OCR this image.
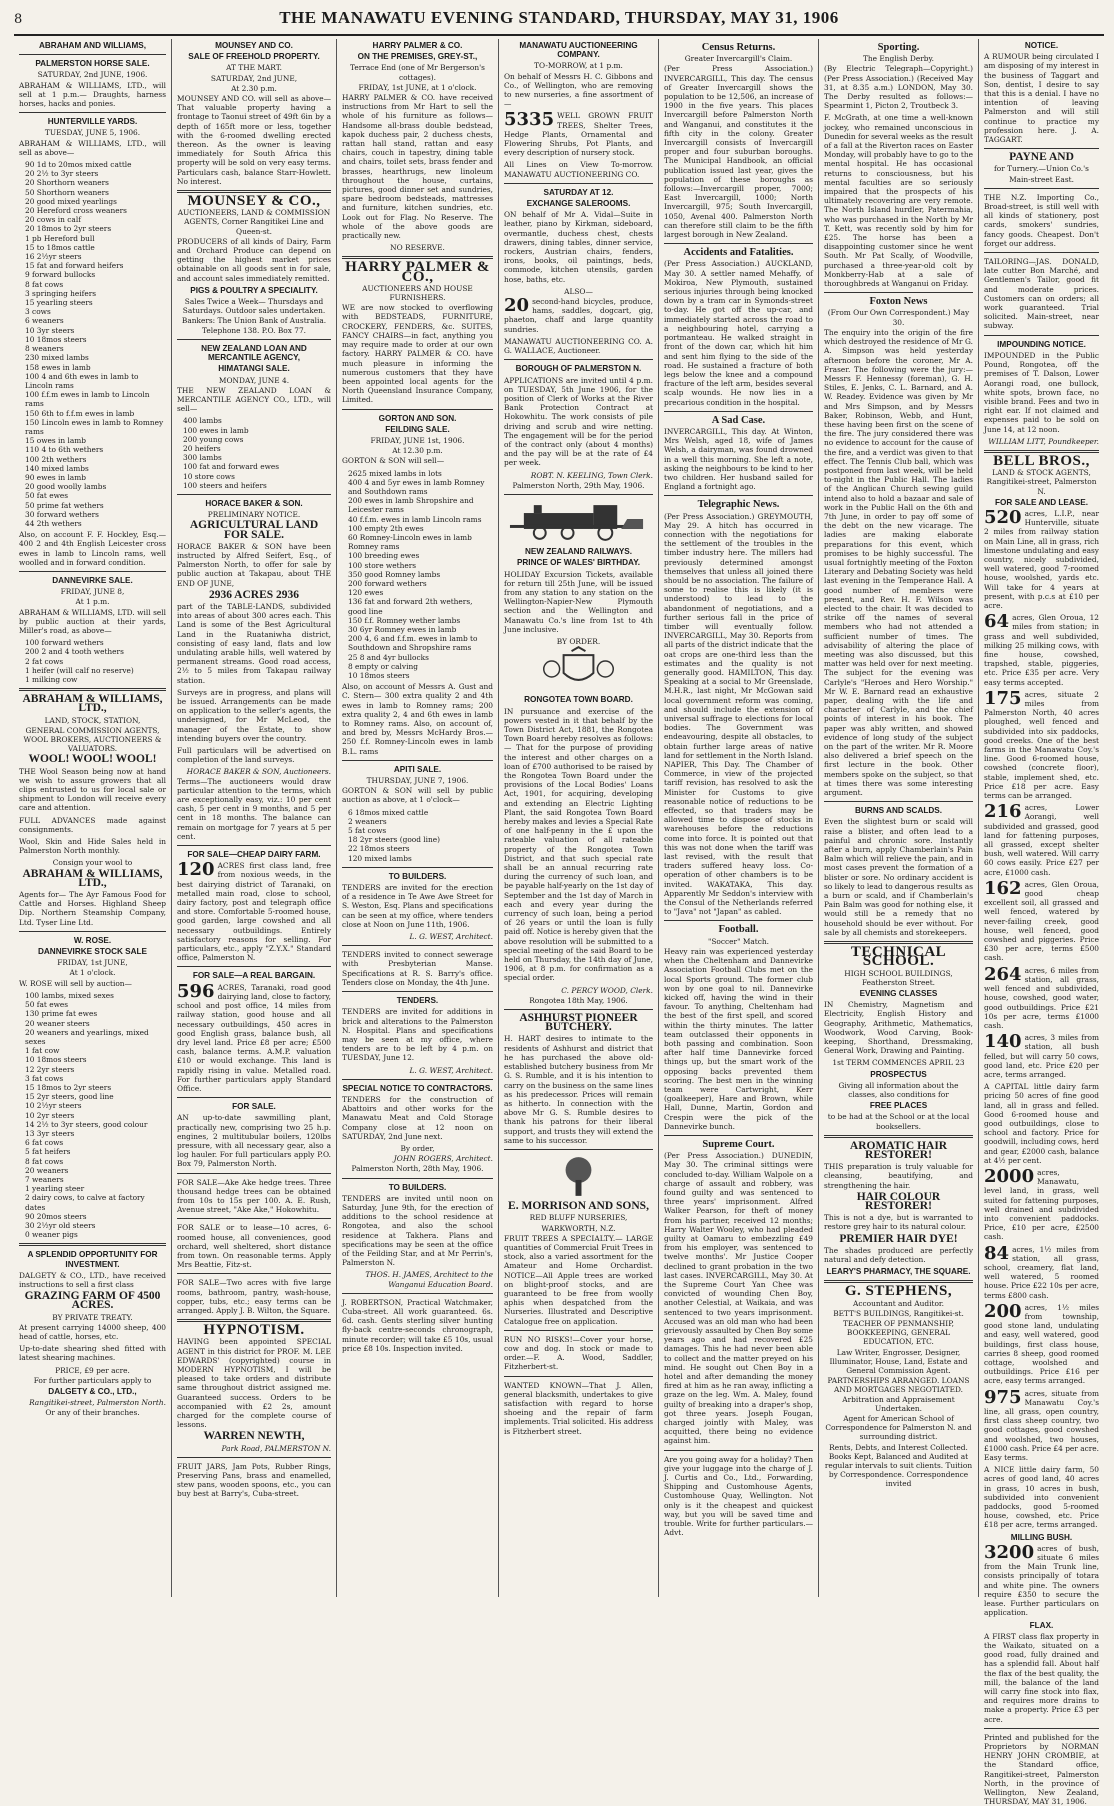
8	THE MANAWATU EVENING STANDARD, THURSDAY, MAY 31, 1906
ABRAHAM AND WILLIAMS,
PALMERSTON HORSE SALE.
SATURDAY, 2nd JUNE, 1906.

ABRAHAM & WILLIAMS, LTD., will sell at 1 p.m.— Draughts, harness horses, hacks and ponies.

HUNTERVILLE YARDS.
TUESDAY, JUNE 5, 1906.

ABRAHAM & WILLIAMS, LTD., will sell as above—

90 1d to 20mos mixed cattle
20 2½ to 3yr steers
20 Shorthorn weaners
50 Shorthorn weaners
20 good mixed yearlings
20 Hereford cross weaners
20 cows in calf
20 18mos to 2yr steers
1 pb Hereford bull
15 to 18mos cattle
16 2½yr steers
15 fat and forward heifers
9 forward bullocks
8 fat cows
3 springing heifers
15 yearling steers
3 cows
6 weaners
10 3yr steers
10 18mos steers
8 weaners
230 mixed lambs
158 ewes in lamb
100 4 and 6th ewes in lamb to Lincoln rams
100 f.f.m ewes in lamb to Lincoln rams
150 6th to f.f.m ewes in lamb
150 Lincoln ewes in lamb to Romney rams
15 owes in lamb
110 4 to 6th wethers
100 2th wethers
140 mixed lambs
90 ewes in lamb
20 good woolly lambs
50 fat ewes
50 prime fat wethers
30 forward wethers
44 2th wethers

Also, on account F. F. Hockley, Esq.— 400 2 and 4th English Leicester cross ewes in lamb to Lincoln rams, well woolled and in forward condition.

DANNEVIRKE SALE.
FRIDAY, JUNE 8,
At 1 p.m.

ABRAHAM & WILLIAMS, LTD. will sell by public auction at their yards, Miller's road, as above—

100 forward wethers
200 2 and 4 tooth wethers
2 fat cows
1 heifer (will calf no reserve)
1 milking cow
ABRAHAM & WILLIAMS, LTD.,
LAND, STOCK, STATION,
GENERAL COMMISSION AGENTS, WOOL BROKERS, AUCTIONEERS & VALUATORS.
WOOL! WOOL! WOOL!

THE Wool Season being now at hand we wish to assure growers that all clips entrusted to us for local sale or shipment to London will receive every care and attention.

FULL ADVANCES made against consignments.

Wool, Skin and Hide Sales held in Palmerston North monthly.

Consign your wool to
ABRAHAM & WILLIAMS, LTD.,

Agents for— The Ayr Famous Food for Cattle and Horses. Highland Sheep Dip. Northern Steamship Company, Ltd. Tyser Line Ltd.

W. ROSE.
DANNEVIRKE STOCK SALE
FRIDAY, 1st JUNE,
At 1 o'clock.

W. ROSE will sell by auction—

100 lambs, mixed sexes
50 fat ewes
130 prime fat ewes
20 weaner steers
20 weaners and yearlings, mixed sexes
1 fat cow
10 18mos steers
12 2yr steers
3 fat cows
15 18mos to 2yr steers
15 2yr steers, good line
10 2½yr steers
10 2yr steers
14 2½ to 3yr steers, good colour
13 3yr steers
6 fat cows
5 fat heifers
8 fat cows
20 weaners
7 weaners
1 yearling steer
2 dairy cows, to calve at factory dates
90 20mos steers
30 2½yr old steers
0 weaner pigs
A SPLENDID OPPORTUNITY FOR INVESTMENT.

DALGETY & CO., LTD., have received instructions to sell a first class

GRAZING FARM OF 4500 ACRES.
BY PRIVATE TREATY.

At present carrying 14000 sheep, 400 head of cattle, horses, etc.

Up-to-date shearing shed fitted with latest shearing machines.

PRICE, £9 per acre.
For further particulars apply to
DALGETY & CO., LTD.,
Rangitikei-street, Palmerston North.
Or any of their branches.
MOUNSEY AND CO.
SALE OF FREEHOLD PROPERTY.
AT THE MART.
SATURDAY, 2nd JUNE,
At 2.30 p.m.

MOUNSEY AND CO. will sell as above— That valuable property having a frontage to Taonui street of 49ft 6in by a depth of 165ft more or less, together with the 6-roomed dwelling erected thereon. As the owner is leaving immediately for South Africa this property will be sold on very easy terms. Particulars cash, balance Starr-Howlett. No interest.

MOUNSEY & CO.,
AUCTIONEERS, LAND & COMMISSION AGENTS, Corner Rangitikei Line and Queen-st.

PRODUCERS of all kinds of Dairy, Farm and Orchard Produce can depend on getting the highest market prices obtainable on all goods sent in for sale, and account sales immediately remitted.

PIGS & POULTRY A SPECIALITY.
Sales Twice a Week— Thursdays and Saturdays. Outdoor sales undertaken.
Bankers: The Union Bank of Australia. Telephone 138. P.O. Box 77.
NEW ZEALAND LOAN AND MERCANTILE AGENCY,
HIMATANGI SALE.
MONDAY, JUNE 4.

THE NEW ZEALAND LOAN & MERCANTILE AGENCY CO., LTD., will sell—

400 lambs
100 ewes in lamb
200 young cows
20 heifers
300 lambs
100 fat and forward ewes
10 store cows
100 steers and heifers
HORACE BAKER & SON.
PRELIMINARY NOTICE.
AGRICULTURAL LAND FOR SALE.

HORACE BAKER & SON have been instructed by Alfred Seifert, Esq., of Palmerston North, to offer for sale by public auction at Takapau, about THE END OF JUNE,

2936 ACRES 2936

part of the TABLE-LANDS, subdivided into areas of about 300 acres each. This Land is some of the Best Agricultural Land in the Ruataniwha district, consisting of easy land, flats and low undulating arable hills, well watered by permanent streams. Good road access, 2½ to 5 miles from Takapau railway station.

Surveys are in progress, and plans will be issued. Arrangements can be made on application to the seller's agents, the undersigned, for Mr McLeod, the manager of the Estate, to show intending buyers over the country.

Full particulars will be advertised on completion of the land surveys.

HORACE BAKER & SON, Auctioneers.

Terms—The auctioneers would draw particular attention to the terms, which are exceptionally easy, viz.: 10 per cent cash, 5 per cent in 9 months, and 5 per cent in 18 months. The balance can remain on mortgage for 7 years at 5 per cent.

FOR SALE—CHEAP DAIRY FARM.

120 ACRES first class land, free from noxious weeds, in the best dairying district of Taranaki, on metalled main road, close to school, dairy factory, post and telegraph office and store. Comfortable 5-roomed house, good garden, large cowshed and all necessary outbuildings. Entirely satisfactory reasons for selling. For particulars, etc., apply "Z.Y.X." Standard office, Palmerston N.

FOR SALE—A REAL BARGAIN.

596 ACRES, Taranaki, road good dairying land, close to factory, school and post office, 14 miles from railway station, good house and all necessary outbuildings, 450 acres in good English grass, balance bush, all dry level land. Price £8 per acre; £500 cash, balance terms. A.M.P. valuation £10 or would exchange. This land is rapidly rising in value. Metalled road. For further particulars apply Standard Office.

FOR SALE.

AN up-to-date sawmilling plant, practically new, comprising two 25 h.p. engines, 2 multitubular boilers, 120lbs pressure, with all necessary gear, also a log hauler. For full particulars apply P.O. Box 79, Palmerston North.

FOR SALE—Ake Ake hedge trees. Three thousand hedge trees can be obtained from 10s to 15s per 100. A. E. Rush, Avenue street, "Ake Ake," Hokowhitu.

FOR SALE or to lease—10 acres, 6-roomed house, all conveniences, good orchard, well sheltered, short distance from town. On reasonable terms. Apply Mrs Beattie, Fitz-st.

FOR SALE—Two acres with five large rooms, bathroom, pantry, wash-house, copper, tubs, etc.; easy terms can be arranged. Apply J. B. Wilton, the Square.

HYPNOTISM.

HAVING been appointed SPECIAL AGENT in this district for PROF. M. LEE EDWARDS' (copyrighted) course in MODERN HYPNOTISM, I will be pleased to take orders and distribute same throughout district assigned me. Guaranteed success. Orders to be accompanied with £2 2s, amount charged for the complete course of lessons.

WARREN NEWTH,
Park Road, PALMERSTON N.

FRUIT JARS, Jam Pots, Rubber Rings, Preserving Pans, brass and enamelled, stew pans, wooden spoons, etc., you can buy best at Barry's, Cuba-street.

HARRY PALMER & CO.
ON THE PREMISES, GREY-ST.,
Terrace End (one of Mr Bergerson's cottages).
FRIDAY, 1st JUNE, at 1 o'clock.

HARRY PALMER & CO. have received instructions from Mr Hart to sell the whole of his furniture as follows— Handsome all-brass double bedstead, kapok duchess pair, 2 duchess chests, rattan hall stand, rattan and easy chairs, couch in tapestry, dining table and chairs, toilet sets, brass fender and brasses, hearthrugs, new linoleum throughout the house, curtains, pictures, good dinner set and sundries, spare bedroom bedsteads, mattresses and furniture, kitchen sundries, etc. Look out for Flag. No Reserve. The whole of the above goods are practically new.

NO RESERVE.
HARRY PALMER & CO.,
AUCTIONEERS AND HOUSE FURNISHERS.

WE are now stocked to overflowing with BEDSTEADS, FURNITURE, CROCKERY, FENDERS, &c. SUITES, FANCY CHAIRS—in fact, anything you may require made to order at our own factory. HARRY PALMER & CO. have much pleasure in informing the numerous customers that they have been appointed local agents for the North Queensland Insurance Company, Limited.

GORTON AND SON.
FEILDING SALE.
FRIDAY, JUNE 1st, 1906.
At 12.30 p.m.

GORTON & SON will sell—

2625 mixed lambs in lots
400 4 and 5yr ewes in lamb Romney and Southdown rams
200 ewes in lamb Shropshire and Leicester rams
40 f.f.m. ewes in lamb Lincoln rams
100 empty 2th ewes
60 Romney-Lincoln ewes in lamb Romney rams
100 breeding ewes
100 store wethers
350 good Romney lambs
200 forward wethers
120 ewes
136 fat and forward 2th wethers, good line
150 f.f. Romney wether lambs
30 6yr Romney ewes in lamb
200 4, 6 and f.f.m. ewes in lamb to Southdown and Shropshire rams
25 8 and 4yr bullocks
8 empty or calving
10 18mos steers

Also, on account of Messrs A. Gust and C. Stern— 300 extra quality 2 and 4th ewes in lamb to Romney rams; 200 extra quality 2, 4 and 6th ewes in lamb to Romney rams. Also, on account of, and bred by, Messrs McHardy Bros.— 250 f.f. Romney-Lincoln ewes in lamb B.L. rams

APITI SALE.
THURSDAY, JUNE 7, 1906.

GORTON & SON will sell by public auction as above, at 1 o'clock—

6 18mos mixed cattle
2 weaners
5 fat cows
18 2yr steers (good line)
22 18mos steers
120 mixed lambs
TO BUILDERS.

TENDERS are invited for the erection of a residence in Te Awe Awe Street for S. Weston, Esq. Plans and specifications can be seen at my office, where tenders close at Noon on June 11th, 1906.

L. G. WEST, Architect.

TENDERS invited to connect sewerage with Presbyterian Manse. Specifications at R. S. Barry's office. Tenders close on Monday, the 4th June.

TENDERS.

TENDERS are invited for additions in brick and alterations to the Palmerston N. Hospital. Plans and specifications may be seen at my office, where tenders are to be left by 4 p.m. on TUESDAY, June 12.

L. G. WEST, Architect.
SPECIAL NOTICE TO CONTRACTORS.

TENDERS for the construction of Abattoirs and other works for the Manawatu Meat and Cold Storage Company close at 12 noon on SATURDAY, 2nd June next.

By order,
JOHN ROGERS, Architect.
Palmerston North, 28th May, 1906.
TO BUILDERS.

TENDERS are invited until noon on Saturday, June 9th, for the erection of additions to the school residence at Rongotea, and also the school residence at Takhera. Plans and specifications may be seen at the office of the Feilding Star, and at Mr Perrin's, Palmerston N.

THOS. H. JAMES, Architect to the Wanganui Education Board.

J. ROBERTSON, Practical Watchmaker, Cuba-street. All work guaranteed. 6s. 6d. cash. Gents sterling silver hunting fly-back centre-seconds chronograph, minute recorder; will take £5 10s, usual price £8 10s. Inspection invited.

MANAWATU AUCTIONEERING COMPANY.
TO-MORROW, at 1 p.m.

On behalf of Messrs H. C. Gibbons and Co., of Wellington, who are removing to new nurseries, a fine assortment of—

5335 WELL GROWN FRUIT TREES, Shelter Trees, Hedge Plants, Ornamental and Flowering Shrubs, Pot Plants, and every description of nursery stock.

All Lines on View To-morrow. MANAWATU AUCTIONEERING CO.

SATURDAY AT 12.
EXCHANGE SALEROOMS.

ON behalf of Mr A. Vidal—Suite in leather, piano by Kirkman, sideboard, overmantle, duchess chest, chests drawers, dining tables, dinner service, rockers, Austrian chairs, fenders, irons, books, oil paintings, beds, commode, kitchen utensils, garden hose, baths, etc.

ALSO—

20 second-hand bicycles, produce, hams, saddles, dogcart, gig, phaeton, chaff and large quantity sundries.

MANAWATU AUCTIONEERING CO. A. G. WALLACE, Auctioneer.

BOROUGH OF PALMERSTON N.

APPLICATIONS are invited until 4 p.m. on TUESDAY, 5th June 1906, for the position of Clerk of Works at the River Bank Protection Contract at Hokowhitu. The work consists of pile driving and scrub and wire netting. The engagement will be for the period of the contract only (about 4 months) and the pay will be at the rate of £4 per week.

ROBT. N. KEELING, Town Clerk.
Palmerston North, 29th May, 1906.
NEW ZEALAND RAILWAYS.
PRINCE OF WALES' BIRTHDAY.

HOLIDAY Excursion Tickets, available for return till 25th June, will be issued from any station to any station on the Wellington-Napier-New Plymouth section and the Wellington and Manawatu Co.'s line from 1st to 4th June inclusive.

BY ORDER.
RONGOTEA TOWN BOARD.

IN pursuance and exercise of the powers vested in it that behalf by the Town District Act, 1881, the Rongotea Town Board hereby resolves as follows:— That for the purpose of providing the interest and other charges on a loan of £700 authorised to be raised by the Rongotea Town Board under the provisions of the Local Bodies' Loans Act, 1901, for acquiring, developing and extending an Electric Lighting Plant, the said Rongotea Town Board hereby makes and levies a Special Rate of one half-penny in the £ upon the rateable valuation of all rateable property of the Rongotea Town District, and that such special rate shall be an annual recurring rate during the currency of such loan, and be payable half-yearly on the 1st day of September and the 1st day of March in each and every year during the currency of such loan, being a period of 26 years or until the loan is fully paid off. Notice is hereby given that the above resolution will be submitted to a special meeting of the said Board to be held on Thursday, the 14th day of June, 1906, at 8 p.m. for confirmation as a special order.

C. PERCY WOOD, Clerk.
Rongotea 18th May, 1906.
ASHHURST PIONEER BUTCHERY.

H. HART desires to intimate to the residents of Ashhurst and district that he has purchased the above old-established butchery business from Mr G. S. Rumble, and it is his intention to carry on the business on the same lines as his predecessor. Prices will remain as hitherto. In connection with the above Mr G. S. Rumble desires to thank his patrons for their liberal support, and trusts they will extend the same to his successor.

E. MORRISON AND SONS,
RED BLUFF NURSERIES,
WARKWORTH, N.Z.

FRUIT TREES A SPECIALTY.— LARGE quantities of Commercial Fruit Trees in stock, also a varied assortment for the Amateur and Home Orchardist. NOTICE—All Apple trees are worked on blight-proof stocks, and are guaranteed to be free from woolly aphis when despatched from the Nurseries. Illustrated and Descriptive Catalogue free on application.

RUN NO RISKS!—Cover your horse, cow and dog. In stock or made to order.—F. A. Wood, Saddler, Fitzherbert-st.

WANTED KNOWN—That J. Allen, general blacksmith, undertakes to give satisfaction with regard to horse shoeing and the repair of farm implements. Trial solicited. His address is Fitzherbert street.

Census Returns.
Greater Invercargill's Claim.

(Per Press Association.) INVERCARGILL, This day. The census of Greater Invercargill shows the population to be 12,506, an increase of 1900 in the five years. This places Invercargill before Palmerston North and Wanganui, and constitutes it the fifth city in the colony. Greater Invercargill consists of Invercargill proper and four suburban boroughs. The Municipal Handbook, an official publication issued last year, gives the population of these boroughs as follows:—Invercargill proper, 7000; East Invercargill, 1000; North Invercargill, 975; South Invercargill, 1050, Avenal 400. Palmerston North can therefore still claim to be the fifth largest borough in New Zealand.

Accidents and Fatalities.

(Per Press Association.) AUCKLAND, May 30. A settler named Mehaffy, of Mokiroa, New Plymouth, sustained serious injuries through being knocked down by a tram car in Symonds-street to-day. He got off the up-car, and immediately started across the road to a neighbouring hotel, carrying a portmanteau. He walked straight in front of the down car, which hit him and sent him flying to the side of the road. He sustained a fracture of both legs below the knee and a compound fracture of the left arm, besides several scalp wounds. He now lies in a precarious condition in the hospital.

A Sad Case.

INVERCARGILL, This day. At Winton, Mrs Welsh, aged 18, wife of James Welsh, a dairyman, was found drowned in a well this morning. She left a note, asking the neighbours to be kind to her two children. Her husband sailed for England a fortnight ago.

Telegraphic News.

(Per Press Association.) GREYMOUTH, May 29. A hitch has occurred in connection with the negotiations for the settlement of the troubles in the timber industry here. The millers had previously determined amongst themselves that unless all joined there should be no association. The failure of some to realise this is likely (it is understood) to lead to the abandonment of negotiations, and a further serious fall in the price of timber will eventually follow. INVERCARGILL, May 30. Reports from all parts of the district indicate that the oat crops are one-third less than the estimates and the quality is not generally good. HAMILTON, This day. Speaking at a social to Mr Greenslade, M.H.R., last night, Mr McGowan said local government reform was coming, and should include the extension of universal suffrage to elections for local bodies. The Government was endeavouring, despite all obstacles, to obtain further large areas of native land for settlement in the North Island. NAPIER, This Day. The Chamber of Commerce, in view of the projected tariff revision, has resolved to ask the Minister for Customs to give reasonable notice of reductions to be effected, so that traders may be allowed time to dispose of stocks in warehouses before the reductions come into force. It is pointed out that this was not done when the tariff was last revised, with the result that traders suffered heavy loss. Co-operation of other chambers is to be invited. WAKATAKA, This day. Apparently Mr Seddon's interview with the Consul of the Netherlands referred to "Java" not "Japan" as cabled.

Football.
"Soccer" Match.

Heavy rain was experienced yesterday when the Cheltenham and Dannevirke Association Football Clubs met on the local Sports ground. The former club won by one goal to nil. Dannevirke kicked off, having the wind in their favour. To anything, Cheltenham had the best of the first spell, and scored within the thirty minutes. The latter team outclassed their opponents in both passing and combination. Soon after half time Dannevirke forced things up, but the smart work of the opposing backs prevented them scoring. The best men in the winning team were Cartwright, Kerr (goalkeeper), Hare and Brown, while Hall, Dunne, Martin, Gordon and Crespin were the pick of the Dannevirke bunch.

Supreme Court.

(Per Press Association.) DUNEDIN, May 30. The criminal sittings were concluded to-day. William Walpole on a charge of assault and robbery, was found guilty and was sentenced to three years' imprisonment. Alfred Walker Pearson, for theft of money from his partner, received 12 months; Harry Walter Wooley, who had pleaded guilty at Oamaru to embezzling £49 from his employer, was sentenced to twelve months'. Mr Justice Cooper declined to grant probation in the two last cases. INVERCARGILL, May 30. At the Supreme Court Yan Chee was convicted of wounding Chen Boy, another Celestial, at Waikaia, and was sentenced to two years imprisonment. Accused was an old man who had been grievously assaulted by Chen Boy some years ago and had recovered £25 damages. This he had never been able to collect and the matter preyed on his mind. He sought out Chen Boy in a hotel and after demanding the money fired at him as he ran away, inflicting a graze on the leg. Wm. A. Maley, found guilty of breaking into a draper's shop, got three years. Joseph Fougan, charged jointly with Maley, was acquitted, there being no evidence against him.

Are you going away for a holiday? Then give your luggage into the charge of J. J. Curtis and Co., Ltd., Forwarding, Shipping and Customhouse Agents, Customhouse Quay, Wellington. Not only is it the cheapest and quickest way, but you will be saved time and trouble. Write for further particulars.—Advt.

Sporting.
The English Derby.

(By Electric Telegraph—Copyright.) (Per Press Association.) (Received May 31, at 8.35 a.m.) LONDON, May 30. The Derby resulted as follows:— Spearmint 1, Picton 2, Troutbeck 3.

F. McGrath, at one time a well-known jockey, who remained unconscious in Dunedin for several weeks as the result of a fall at the Riverton races on Easter Monday, will probably have to go to the mental hospital. He has occasional returns to consciousness, but his mental faculties are so seriously impaired that the prospects of his ultimately recovering are very remote. The North Island hurdler, Patermahia, who was purchased in the North by Mr T. Kett, was recently sold by him for £25. The horse has been a disappointing customer since he went South. Mr Pat Scally, of Woodville, purchased a three-year-old colt by Monkberry-Hab at a sale of thoroughbreds at Wanganui on Friday.

Foxton News
(From Our Own Correspondent.) May 30.

The enquiry into the origin of the fire which destroyed the residence of Mr G. A. Simpson was held yesterday afternoon before the coroner, Mr A. Fraser. The following were the jury:—Messrs F. Hennessy (foreman), G. H. Stiles, E. Jenks, C. L. Barnard, and A. W. Readey. Evidence was given by Mr and Mrs Simpson, and by Messrs Baker, Robinson, Webb, and Hunt, these having been first on the scene of the fire. The jury considered there was no evidence to account for the cause of the fire, and a verdict was given to that effect. The Tennis Club ball, which was postponed from last week, will be held to-night in the Public Hall. The ladies of the Anglican Church sewing guild intend also to hold a bazaar and sale of work in the Public Hall on the 6th and 7th June, in order to pay off some of the debt on the new vicarage. The ladies are making elaborate preparations for this event, which promises to be highly successful. The usual fortnightly meeting of the Foxton Literary and Debating Society was held last evening in the Temperance Hall. A good number of members were present, and Rev. H. F. Wilson was elected to the chair. It was decided to strike off the names of several members who had not attended a sufficient number of times. The advisability of altering the place of meeting was also discussed, but this matter was held over for next meeting. The subject for the evening was Carlyle's "Heroes and Hero Worship." Mr W. E. Barnard read an exhaustive paper, dealing with the life and character of Carlyle, and the chief points of interest in his book. The paper was ably written, and showed evidence of long study of the subject on the part of the writer. Mr R. Moore also delivered a brief speech on the first lecture in the book. Other members spoke on the subject, so that at times there was some interesting argument.

BURNS AND SCALDS.

Even the slightest burn or scald will raise a blister, and often lead to a painful and chronic sore. Instantly after a burn, apply Chamberlain's Pain Balm which will relieve the pain, and in most cases prevent the formation of a blister or sore. No ordinary accident is so likely to lead to dangerous results as a burn or scald, and if Chamberlain's Pain Balm was good for nothing else, it would still be a remedy that no household should be ever without. For sale by all chemists and storekeepers.

TECHNICAL SCHOOL.
HIGH SCHOOL BUILDINGS, Featherston Street.
EVENING CLASSES

IN Chemistry, Magnetism and Electricity, English History and Geography, Arithmetic, Mathematics, Woodwork, Wood Carving, Book-keeping, Shorthand, Dressmaking, General Work, Drawing and Painting.

1st TERM COMMENCES APRIL 23
PROSPECTUS
Giving all information about the classes, also conditions for
FREE PLACES
to be had at the School or at the local booksellers.
AROMATIC HAIR RESTORER!

THIS preparation is truly valuable for cleansing, beautifying, and strengthening the hair.

HAIR COLOUR RESTORER!

This is not a dye, but is warranted to restore grey hair to its natural colour.

PREMIER HAIR DYE!

The shades produced are perfectly natural and defy detection.

LEARY'S PHARMACY, THE SQUARE.
G. STEPHENS,
Accountant and Auditor.
BETT'S BUILDINGS, Rangitikei-st.
TEACHER OF PENMANSHIP, BOOKKEEPING, GENERAL EDUCATION, ETC.
Law Writer, Engrosser, Designer, Illuminator, House, Land, Estate and General Commission Agent.
PARTNERSHIPS ARRANGED. LOANS AND MORTGAGES NEGOTIATED. Arbitration and Appraisement Undertaken.
Agent for American School of Correspondence for Palmerston N. and surrounding district.
Rents, Debts, and Interest Collected. Books Kept, Balanced and Audited at regular intervals to suit clients. Tuition by Correspondence. Correspondence invited
NOTICE.

A RUMOUR being circulated I am disposing of my interest in the business of Taggart and Son, dentist, I desire to say that this is a denial. I have no intention of leaving Palmerston and will still continue to practice my profession here. J. A. TAGGART.

PAYNE AND
for Turnery.—Union Co.'s
Main-street East.

THE N.Z. Importing Co., Broad-street, is still well with all kinds of stationery, post cards, smokers' sundries, fancy goods. Cheapest. Don't forget our address.

TAILORING—JAS. DONALD, late cutter Bon Marché, and Gentlemen's Tailor, good fit and moderate prices. Customers can on orders; all work guaranteed. Trial solicited. Main-street, near subway.

IMPOUNDING NOTICE.

IMPOUNDED in the Public Pound, Rongotea, off the premises of T. Dalson, Lower Aorangi road, one bullock, white spots, brown face, no visible brand. Fees and two in right ear. If not claimed and expenses paid to be sold on June 14, at 12 noon.

WILLIAM LITT, Poundkeeper.
BELL BROS.,
LAND & STOCK AGENTS, Rangitikei-street, Palmerston N.
FOR SALE AND LEASE.

520 acres, L.I.P., near Hunterville, situate 2 miles from railway station on Main Line, all in grass, rich limestone undulating and easy country, nicely subdivided, well watered, good 7-roomed house, woolshed, yards etc. Will take for 4 years at present, with p.c.s at £10 per acre.

64 acres, Glen Oroua, 12 miles from station; in grass and well subdivided, milking 25 milking cows, with fine house, cowshed, trapshed, stable, piggeries, etc. Price £35 per acre. Very easy terms accepted.

175 acres, situate 2 miles from Palmerston North, 40 acres ploughed, well fenced and subdivided into six paddocks, good creeks. One of the best farms in the Manawatu Coy.'s line. Good 6-roomed house, cowshed (concrete floor), stable, implement shed, etc. Price £18 per acre. Easy terms can be arranged.

216 acres, Lower Aorangi, well subdivided and grassed, good land for fattening purposes, all grassed, except shelter bush, well watered. Will carry 60 cows easily. Price £27 per acre, £1000 cash.

162 acres, Glen Oroua, good cheap excellent soil, all grassed and well fenced, watered by never-failing creek, good house, well fenced, good cowshed and piggeries. Price £30 per acre, terms £500 cash.

264 acres, 6 miles from station, all grass, well fenced and subdivided, house, cowshed, good water, good outbuildings. Price £21 10s per acre, terms £1000 cash.

140 acres, 3 miles from station, all bush felled, but will carry 50 cows, good land, etc. Price £20 per acre, terms arranged.

A CAPITAL little dairy farm pricing 50 acres of fine good land, all in grass and felled. Good 6-roomed house and good outbuildings, close to school and factory. Price for goodwill, including cows, herd and gear, £2000 cash, balance at 4½ per cent.

2000 acres, Manawatu, level land, in grass, well suited for fattening purposes, well drained and subdivided into convenient paddocks. Price, £10 per acre, £2500 cash.

84 acres, 1½ miles from station, all grass, school, creamery, flat land, well watered, 5 roomed house. Price £22 10s per acre, terms £800 cash.

200 acres, 1½ miles from township, good stone land, undulating and easy, well watered, good buildings, first class house, carries 8 sheep, good roomed cottage, woolshed and outbuildings. Price £16 per acre, easy terms arranged.

975 acres, situate from Manawatu Coy.'s line, all grass, open country, first class sheep country, two good cottages, good cowshed and woolshed, two houses, £1000 cash. Price £4 per acre. Easy terms.

A NICE little dairy farm, 50 acres of good land, 40 acres in grass, 10 acres in bush, subdivided into convenient paddocks, good 5-roomed house, cowshed, etc. Price £18 per acre, terms arranged.

MILLING BUSH.

3200 acres of bush, situate 6 miles from the Main Trunk line, consists principally of totara and white pine. The owners require £350 to secure the lease. Further particulars on application.

FLAX.

A FIRST class flax property in the Waikato, situated on a good road, fully drained and has a splendid fall. About half the flax of the best quality, the mill, the balance of the land will carry fine stock into flax, and requires more drains to make a property. Price £3 per acre.

Printed and published for the Proprietors by NORMAN HENRY JOHN CROMBIE, at the Standard office, Rangitikei-street, Palmerston North, in the province of Wellington, New Zealand, THURSDAY, MAY 31, 1906.
